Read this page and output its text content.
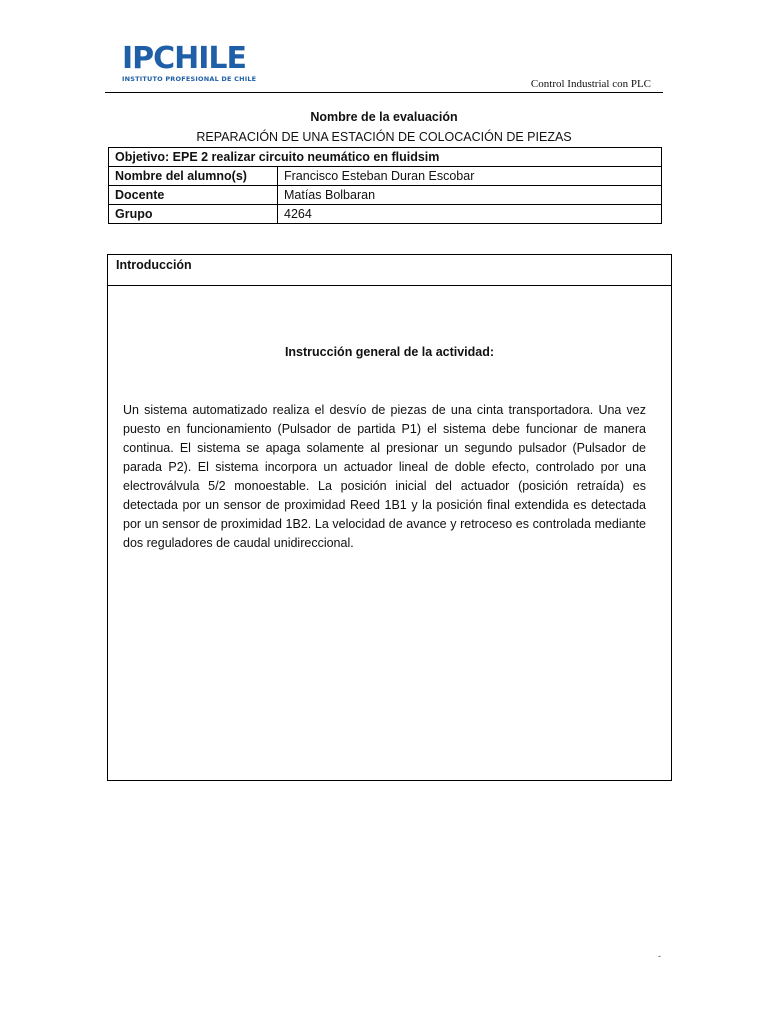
IPCHILE
INSTITUTO PROFESIONAL DE CHILE	Control Industrial con PLC
Nombre de la evaluación
REPARACIÓN DE UNA ESTACIÓN DE COLOCACIÓN DE PIEZAS
Objetivo: EPE 2 realizar circuito neumático en fluidsim	
Nombre del alumno(s)	Francisco Esteban Duran Escobar
Docente	Matías Bolbaran
Grupo	4264
Introducción
Instrucción general de la actividad:
Un sistema automatizado realiza el desvío de piezas de una cinta transportadora. Una vez puesto en funcionamiento (Pulsador de partida P1) el sistema debe funcionar de manera continua. El sistema se apaga solamente al presionar un segundo pulsador (Pulsador de parada P2). El sistema incorpora un actuador lineal de doble efecto, controlado por una electroválvula 5/2 monoestable. La posición inicial del actuador (posición retraída) es detectada por un sensor de proximidad Reed 1B1 y la posición final extendida es detectada por un sensor de proximidad 1B2. La velocidad de avance y retroceso es controlada mediante dos reguladores de caudal unidireccional.
-
